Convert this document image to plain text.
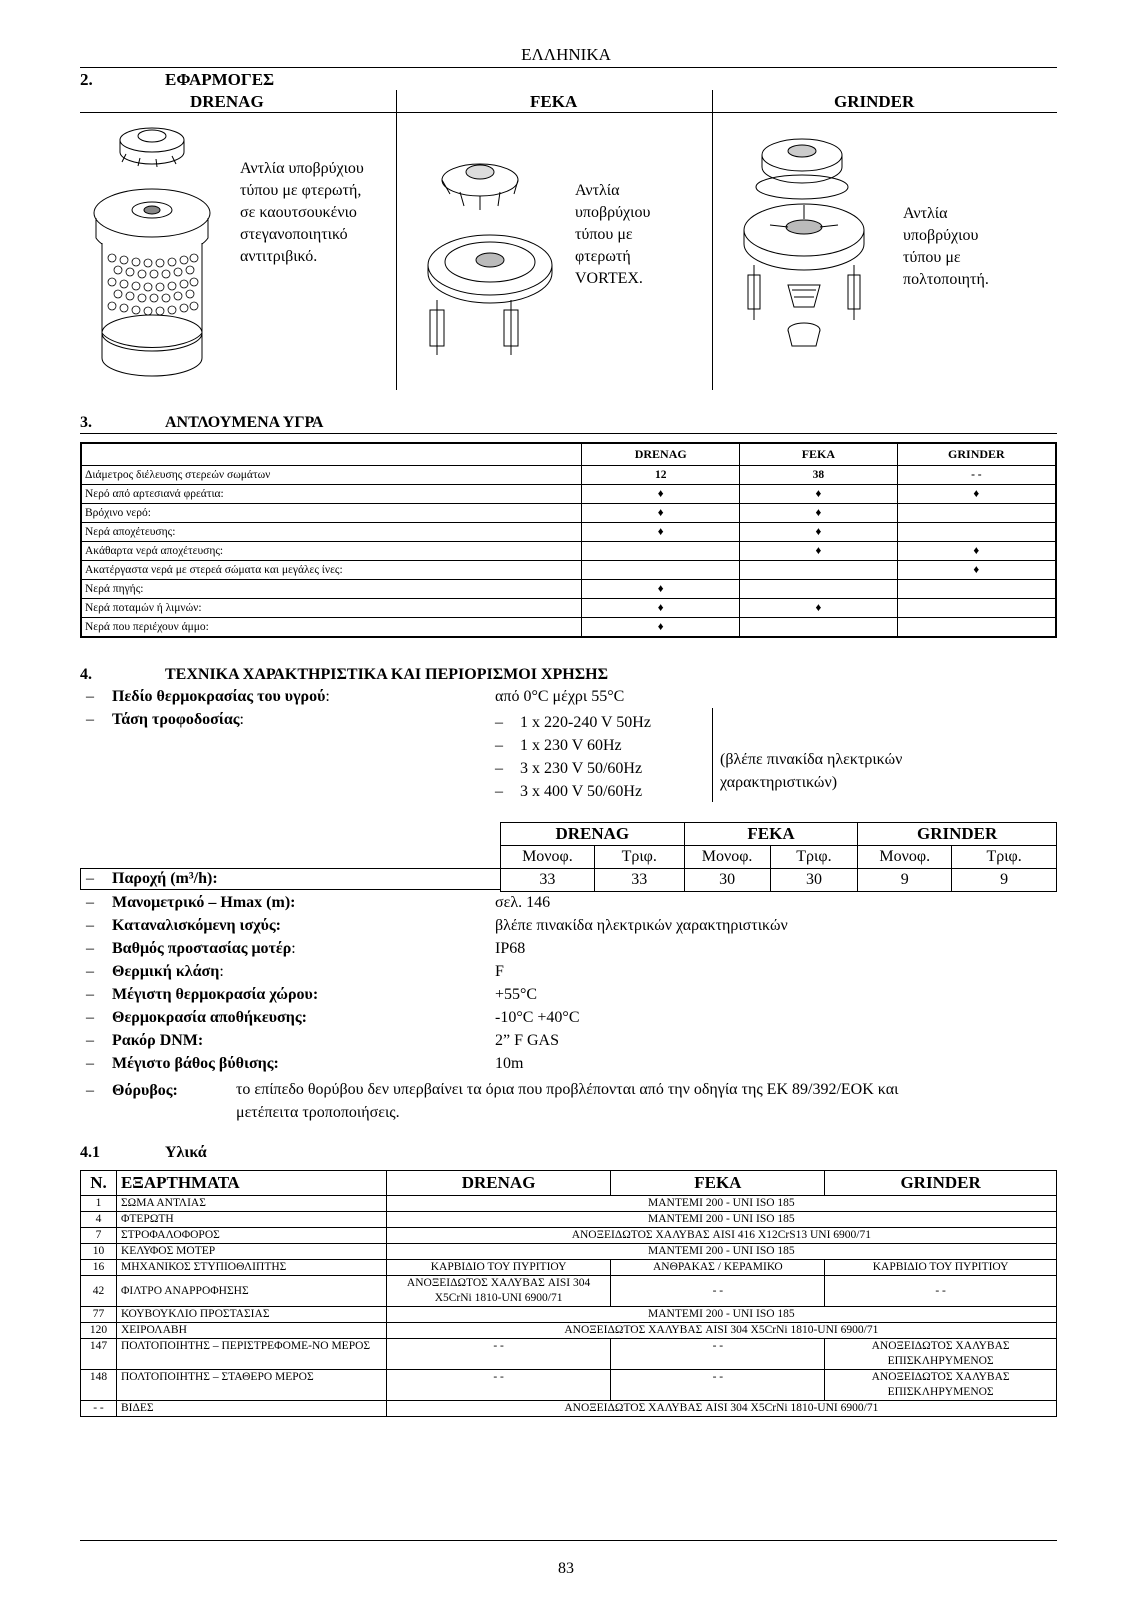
ΕΛΛΗΝΙΚΑ
2.	ΕΦΑΡΜΟΓΕΣ
DRENAG	FEKA	GRINDER
Αντλία υποβρύχιου
τύπου με φτερωτή,
σε καουτσουκένιο
στεγανοποιητικό
αντιτριβικό.
Αντλία
υποβρύχιου
τύπου με
φτερωτή
VORTEX.
Αντλία
υποβρύχιου
τύπου με
πολτοποιητή.
3.	ΑΝΤΛΟΥΜΕΝΑ ΥΓΡΑ
	DRENAG	FEKA	GRINDER
Διάμετρος διέλευσης στερεών σωμάτων	12	38	- -
Νερό από αρτεσιανά φρεάτια:	♦	♦	♦
Βρόχινο νερό:	♦	♦	
Νερά αποχέτευσης:	♦	♦	
Ακάθαρτα νερά αποχέτευσης:		♦	♦
Ακατέργαστα νερά με στερεά σώματα και μεγάλες ίνες:			♦
Νερά πηγής:	♦		
Νερά ποταμών ή λιμνών:	♦	♦	
Νερά που περιέχουν άμμο:	♦		
4.	ΤΕΧΝΙΚΑ ΧΑΡΑΚΤΗΡΙΣΤΙΚΑ ΚΑΙ ΠΕΡΙΟΡΙΣΜΟΙ ΧΡΗΣΗΣ
– Πεδίο θερμοκρασίας του υγρού:	από 0°C μέχρι 55°C
– Τάση τροφοδοσίας:	– 1 x 220-240 V 50Hz
– 1 x 230 V 60Hz
– 3 x 230 V 50/60Hz
– 3 x 400 V 50/60Hz
(βλέπε πινακίδα ηλεκτρικών
χαρακτηριστικών)
DRENAG		FEKA		GRINDER	
Μονοφ.	Τριφ.	Μονοφ.	Τριφ.	Μονοφ.	Τριφ.
33	33	30	30	9	9
– Παροχή (m³/h):
– Μανομετρικό – Hmax (m):	σελ. 146
– Καταναλισκόμενη ισχύς:	βλέπε πινακίδα ηλεκτρικών χαρακτηριστικών
– Βαθμός προστασίας μοτέρ:	IP68
– Θερμική κλάση:	F
– Μέγιστη θερμοκρασία χώρου:	+55°C
– Θερμοκρασία αποθήκευσης:	-10°C +40°C
– Ρακόρ DNM:	2” F GAS
– Μέγιστο βάθος βύθισης:	10m
– Θόρυβος:	το επίπεδο θορύβου δεν υπερβαίνει τα όρια που προβλέπονται από την οδηγία της ΕΚ 89/392/ΕΟΚ και
μετέπειτα τροποποιήσεις.
4.1	Υλικά
N.	ΕΞΑΡΤΗΜΑΤΑ	DRENAG	FEKA	GRINDER
1	ΣΩΜΑ ΑΝΤΛΙΑΣ	ΜΑΝΤΕΜΙ 200 - UNI ISO 185		
4	ΦΤΕΡΩΤΗ	ΜΑΝΤΕΜΙ 200 - UNI ISO 185		
7	ΣΤΡΟΦΑΛΟΦΟΡΟΣ	ΑΝΟΞΕΙΔΩΤΟΣ ΧΑΛΥΒΑΣ AISI 416 X12CrS13 UNI 6900/71		
10	ΚΕΛΥΦΟΣ ΜΟΤΕΡ	ΜΑΝΤΕΜΙ 200 - UNI ISO 185		
16	ΜΗΧΑΝΙΚΟΣ ΣΤΥΠΙΟΘΛΙΠΤΗΣ	ΚΑΡΒΙΔΙΟ ΤΟΥ ΠΥΡΙΤΙΟΥ	ΑΝΘΡΑΚΑΣ / ΚΕΡΑΜΙΚΟ	ΚΑΡΒΙΔΙΟ ΤΟΥ ΠΥΡΙΤΙΟΥ
42	ΦΙΛΤΡΟ ΑΝΑΡΡΟΦΗΣΗΣ	ΑΝΟΞΕΙΔΩΤΟΣ ΧΑΛΥΒΑΣ AISI 304 X5CrNi 1810-UNI 6900/71	- -	- -
77	ΚΟΥΒΟΥΚΛΙΟ ΠΡΟΣΤΑΣΙΑΣ	ΜΑΝΤΕΜΙ 200 - UNI ISO 185		
120	ΧΕΙΡΟΛΑΒΗ	ΑΝΟΞΕΙΔΩΤΟΣ ΧΑΛΥΒΑΣ AISI 304 X5CrNi 1810-UNI 6900/71		
147	ΠΟΛΤΟΠΟΙΗΤΗΣ – ΠΕΡΙΣΤΡΕΦΟΜΕ-ΝΟ ΜΕΡΟΣ	- -	- -	ΑΝΟΞΕΙΔΩΤΟΣ ΧΑΛΥΒΑΣ ΕΠΙΣΚΛΗΡΥΜΕΝΟΣ
148	ΠΟΛΤΟΠΟΙΗΤΗΣ – ΣΤΑΘΕΡΟ ΜΕΡΟΣ	- -	- -	ΑΝΟΞΕΙΔΩΤΟΣ ΧΑΛΥΒΑΣ ΕΠΙΣΚΛΗΡΥΜΕΝΟΣ
- -	ΒΙΔΕΣ	ΑΝΟΞΕΙΔΩΤΟΣ ΧΑΛΥΒΑΣ AISI 304 X5CrNi 1810-UNI 6900/71		
83
